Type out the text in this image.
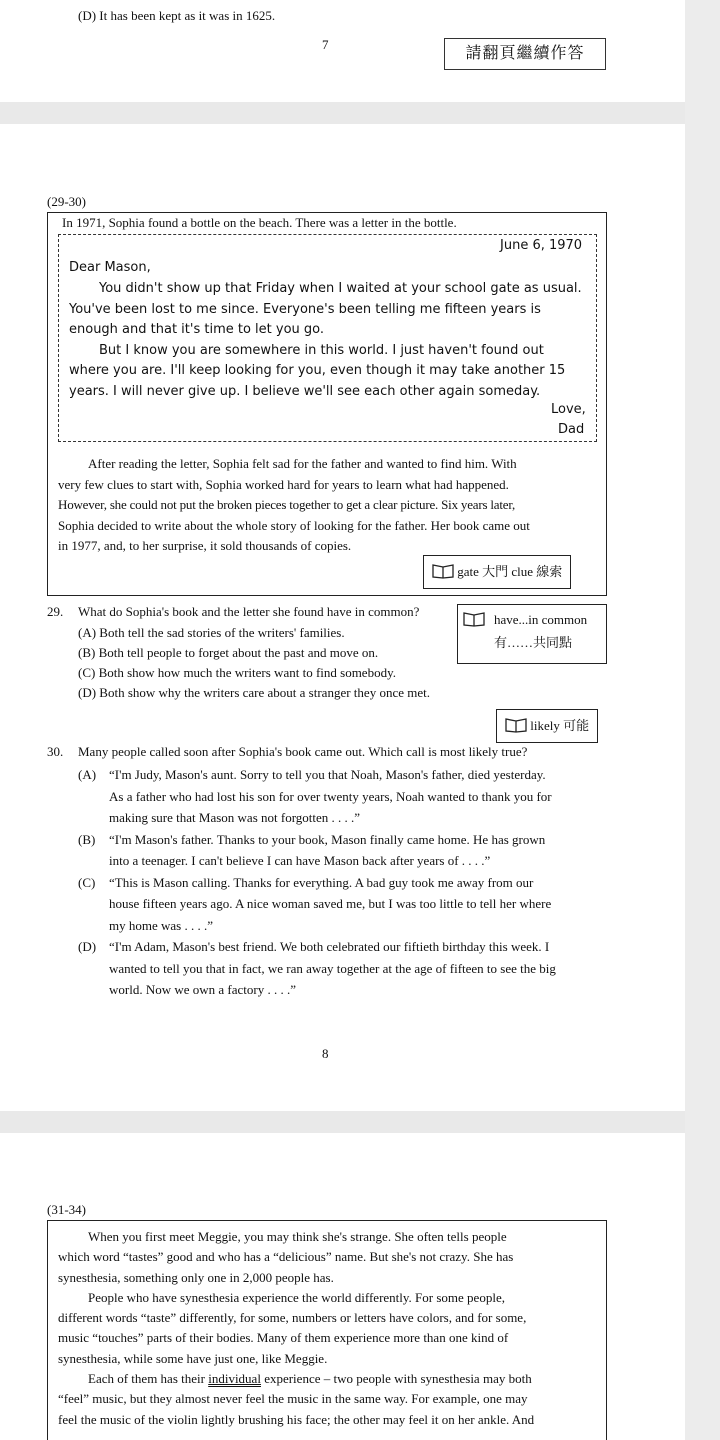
(D) It has been kept as it was in 1625.
7
請翻頁繼續作答
(29-30)
In 1971, Sophia found a bottle on the beach. There was a letter in the bottle.
June 6, 1970
Dear Mason,
You didn't show up that Friday when I waited at your school gate as usual.
You've been lost to me since. Everyone's been telling me fifteen years is
enough and that it's time to let you go.
But I know you are somewhere in this world. I just haven't found out
where you are. I'll keep looking for you, even though it may take another 15
years. I will never give up. I believe we'll see each other again someday.
Love,
Dad
After reading the letter, Sophia felt sad for the father and wanted to find him. With
very few clues to start with, Sophia worked hard for years to learn what had happened.
However, she could not put the broken pieces together to get a clear picture. Six years later,
Sophia decided to write about the whole story of looking for the father. Her book came out
in 1977, and, to her surprise, it sold thousands of copies.
gate 大門 clue 線索
29. What do Sophia's book and the letter she found have in common?
(A) Both tell the sad stories of the writers' families.
(B) Both tell people to forget about the past and move on.
(C) Both show how much the writers want to find somebody.
(D) Both show why the writers care about a stranger they once met.
have...in common
有……共同點
likely 可能
30. Many people called soon after Sophia's book came out. Which call is most likely true?
(A) “I'm Judy, Mason's aunt. Sorry to tell you that Noah, Mason's father, died yesterday.
As a father who had lost his son for over twenty years, Noah wanted to thank you for
making sure that Mason was not forgotten . . . .”
(B) “I'm Mason's father. Thanks to your book, Mason finally came home. He has grown
into a teenager. I can't believe I can have Mason back after years of . . . .”
(C) “This is Mason calling. Thanks for everything. A bad guy took me away from our
house fifteen years ago. A nice woman saved me, but I was too little to tell her where
my home was . . . .”
(D) “I'm Adam, Mason's best friend. We both celebrated our fiftieth birthday this week. I
wanted to tell you that in fact, we ran away together at the age of fifteen to see the big
world. Now we own a factory . . . .”
8
(31-34)
When you first meet Meggie, you may think she's strange. She often tells people
which word “tastes” good and who has a “delicious” name. But she's not crazy. She has
synesthesia, something only one in 2,000 people has.
People who have synesthesia experience the world differently. For some people,
different words “taste” differently, for some, numbers or letters have colors, and for some,
music “touches” parts of their bodies. Many of them experience more than one kind of
synesthesia, while some have just one, like Meggie.
Each of them has their individual experience – two people with synesthesia may both
“feel” music, but they almost never feel the music in the same way. For example, one may
feel the music of the violin lightly brushing his face; the other may feel it on her ankle. And
